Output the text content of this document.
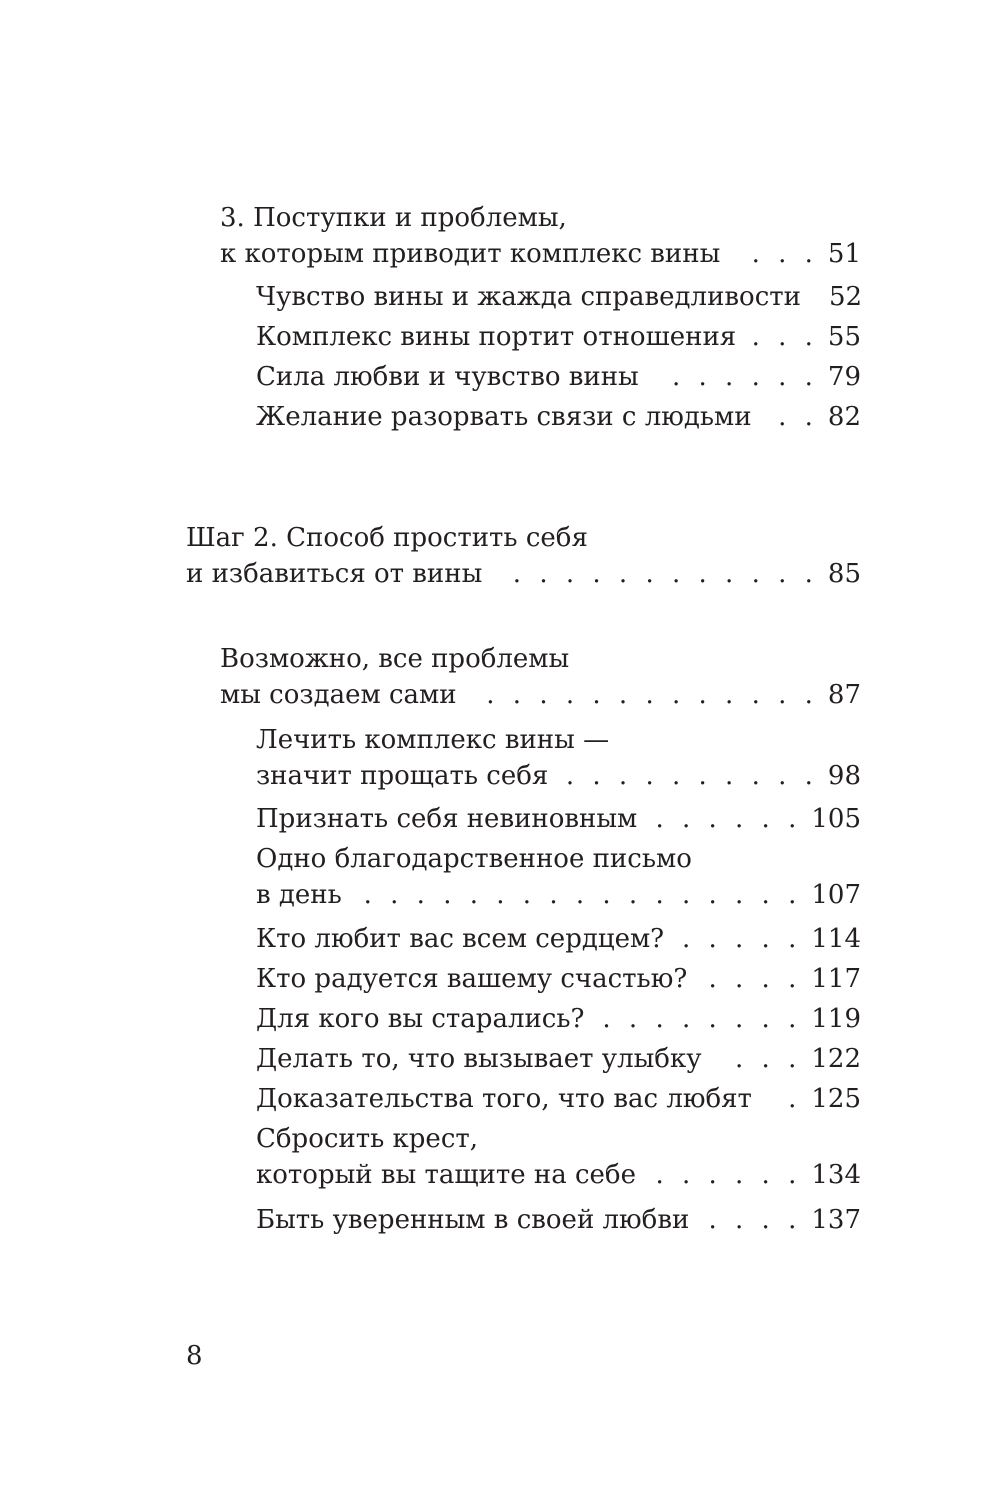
3. Поступки и проблемы,
к которым приводит комплекс вины . . .	51
Чувство вины и жажда справедливости 52
Комплекс вины портит отношения . . .	55
Сила любви и чувство вины . . .	79
Желание разорвать связи с людьми . . .	82
Шаг 2. Способ простить себя
и избавиться от вины . . .	85
Возможно, все проблемы
мы создаем сами . . .	87
Лечить комплекс вины —
значит прощать себя . . .	98
Признать себя невиновным . . .	105
Одно благодарственное письмо
в день . . .	107
Кто любит вас всем сердцем? . . .	114
Кто радуется вашему счастью? . . .	117
Для кого вы старались? . . .	119
Делать то, что вызывает улыбку . . .	122
Доказательства того, что вас любят . . . 125
Сбросить крест,
который вы тащите на себе . . .	134
Быть уверенным в своей любви . . .	137
8
